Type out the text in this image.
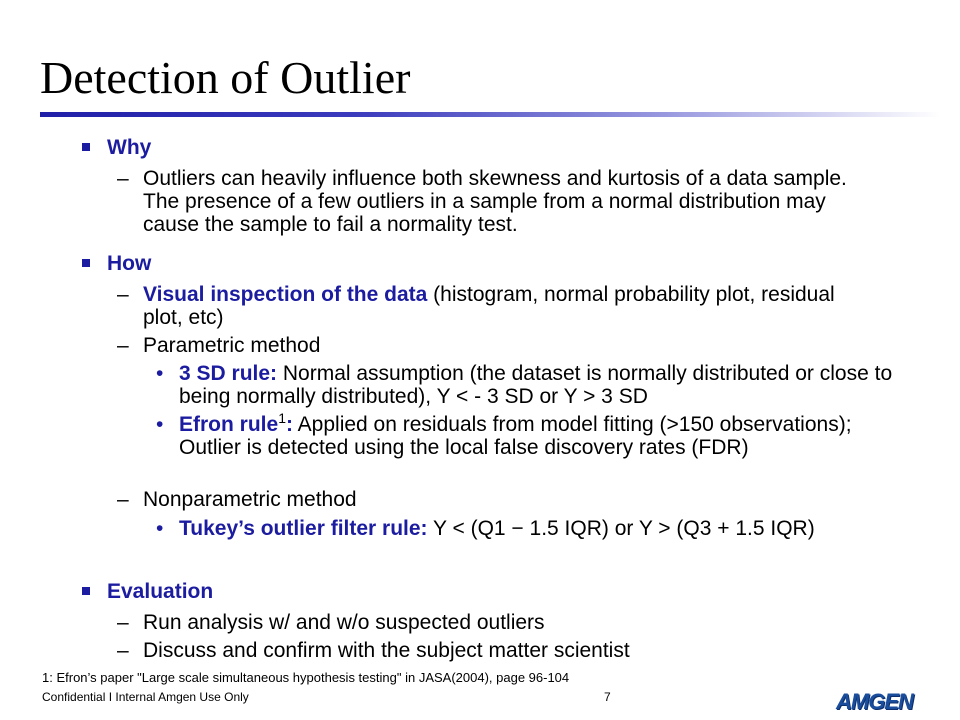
Detection of Outlier
Why
– Outliers can heavily influence both skewness and kurtosis of a data sample. The presence of a few outliers in a sample from a normal distribution may cause the sample to fail a normality test.
How
– Visual inspection of the data (histogram, normal probability plot, residual plot, etc)
– Parametric method
• 3 SD rule: Normal assumption (the dataset is normally distributed or close to being normally distributed), Y < - 3 SD or Y > 3 SD
• Efron rule$^1$: Applied on residuals from model fitting (>150 observations); Outlier is detected using the local false discovery rates (FDR)
– Nonparametric method
• Tukey’s outlier filter rule: Y < (Q1 − 1.5 IQR) or Y > (Q3 + 1.5 IQR)
Evaluation
– Run analysis w/ and w/o suspected outliers
– Discuss and confirm with the subject matter scientist
1: Efron’s paper "Large scale simultaneous hypothesis testing" in JASA(2004), page 96-104
Confidential I Internal Amgen Use Only	7	AMGEN
